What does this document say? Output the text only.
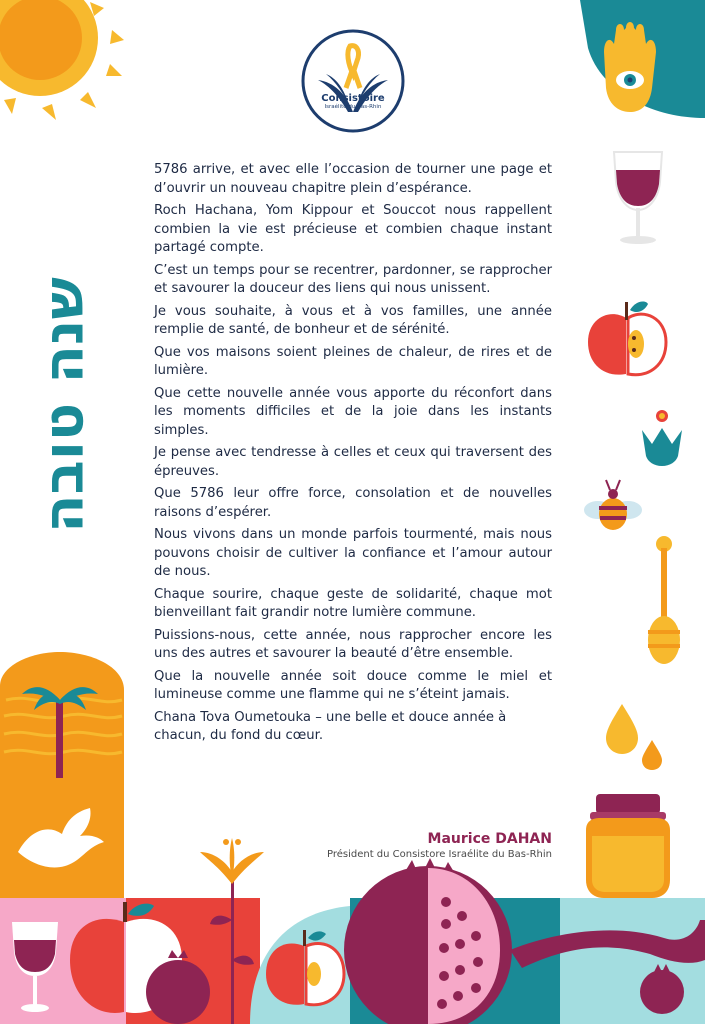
Consistoire
Israélite du Bas-Rhin
שנה טובה

5786 arrive, et avec elle l’occasion de tourner une page et d’ouvrir un nouveau chapitre plein d’espérance.

Roch Hachana, Yom Kippour et Souccot nous rappellent combien la vie est précieuse et combien chaque instant partagé compte.

C’est un temps pour se recentrer, pardonner, se rapprocher et savourer la douceur des liens qui nous unissent.

Je vous souhaite, à vous et à vos familles, une année remplie de santé, de bonheur et de sérénité.

Que vos maisons soient pleines de chaleur, de rires et de lumière.

Que cette nouvelle année vous apporte du réconfort dans les moments difficiles et de la joie dans les instants simples.

Je pense avec tendresse à celles et ceux qui traversent des épreuves.

Que 5786 leur offre force, consolation et de nouvelles raisons d’espérer.

Nous vivons dans un monde parfois tourmenté, mais nous pouvons choisir de cultiver la confiance et l’amour autour de nous.

Chaque sourire, chaque geste de solidarité, chaque mot bienveillant fait grandir notre lumière commune.

Puissions-nous, cette année, nous rapprocher encore les uns des autres et savourer la beauté d’être ensemble.

Que la nouvelle année soit douce comme le miel et lumineuse comme une flamme qui ne s’éteint jamais.

Chana Tova Oumetouka – une belle et douce année à chacun, du fond du cœur.

Maurice DAHAN
Président du Consistore Israélite du Bas-Rhin
